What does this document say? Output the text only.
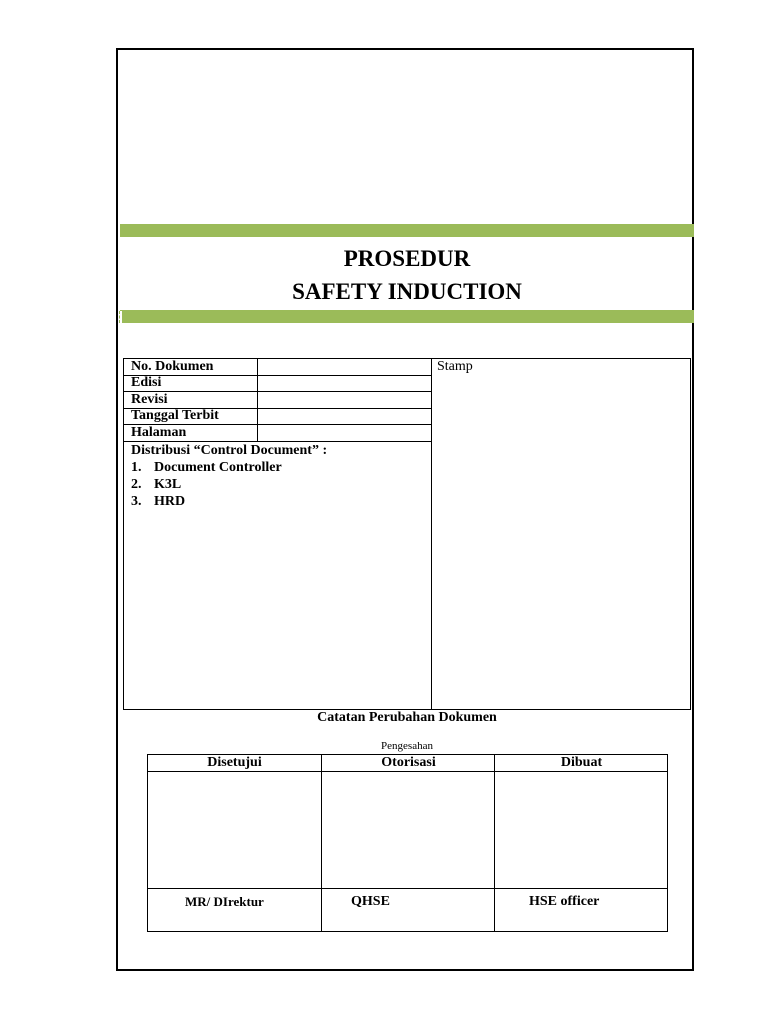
PROSEDUR
SAFETY INDUCTION
No. Dokumen
Edisi
Revisi
Tanggal Terbit
Halaman
Distribusi “Control Document” :
1. Document Controller
2. K3L
3. HRD
Stamp
Catatan Perubahan Dokumen
Pengesahan
Disetujui
MR/ DIrektur
Otorisasi
QHSE
Dibuat
HSE officer
